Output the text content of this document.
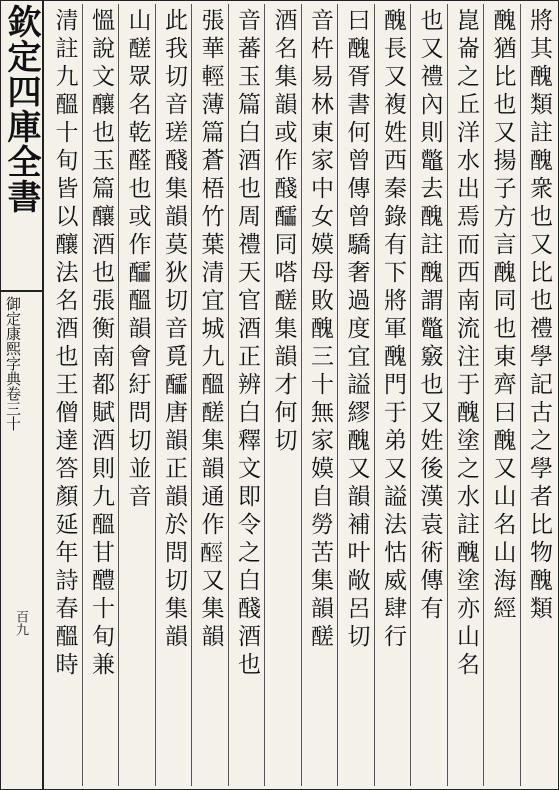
欽定四庫全書
御定康熙字典卷三十
百九	將其醜類註醜衆也又比也禮學記古之學者比物醜類
醜猶比也又揚子方言醜同也東齊曰醜又山名山海經
崑崙之丘洋水出焉而西南流注于醜塗之水註醜塗亦山名
也又禮內則鼈去醜註醜謂鼈竅也又姓後漢袁術傳有
醜長又複姓西秦錄有下將軍醜門于弟又謚法怙威肆行
曰醜胥書何曾傳曾驕奢過度宜謚繆醜又韻補叶敞呂切
音杵易林東家中女嫫母敗醜三十無家嫫自勞苦集韻醝
酒名集韻或作醆醽同嗒醝集韻才何切
音蕃玉篇白酒也周禮天官酒正辨白釋文即令之白醆酒也
張華輕薄篇蒼梧竹葉清宜城九醞醝集韻通作𨠸又集韻
此我切音瑳醆集韻莫狄切音覓醽唐韻正韻於問切集韻
山醝眾名乾醛也或作醽醞韻會紆問切並音
慍說文釀也玉篇釀酒也張衡南都賦酒則九醞甘醴十旬兼
清註九醞十旬皆以釀法名酒也王僧達答顏延年詩春醞時
